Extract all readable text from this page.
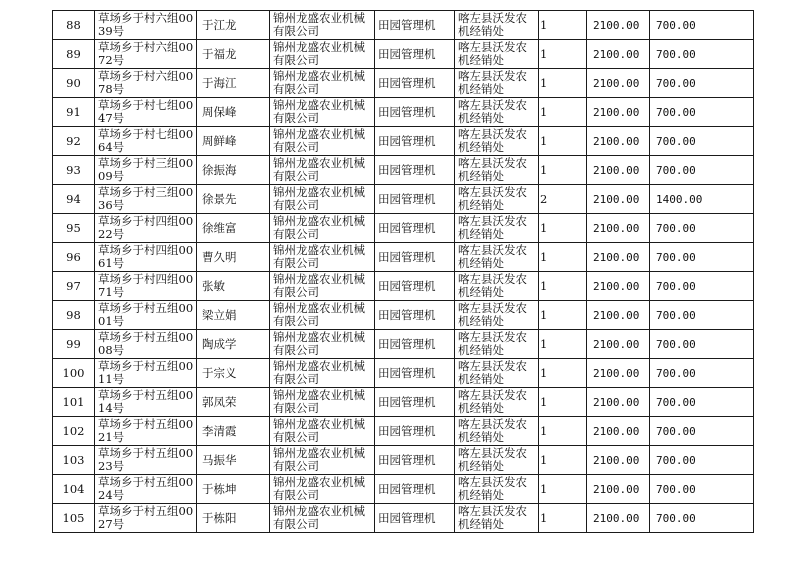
88	草场乡于村六组0039号	于江龙	锦州龙盛农业机械有限公司	田园管理机	喀左县沃发农机经销处	1	2100.00	700.00
89	草场乡于村六组0072号	于福龙	锦州龙盛农业机械有限公司	田园管理机	喀左县沃发农机经销处	1	2100.00	700.00
90	草场乡于村六组0078号	于海江	锦州龙盛农业机械有限公司	田园管理机	喀左县沃发农机经销处	1	2100.00	700.00
91	草场乡于村七组0047号	周保峰	锦州龙盛农业机械有限公司	田园管理机	喀左县沃发农机经销处	1	2100.00	700.00
92	草场乡于村七组0064号	周鲜峰	锦州龙盛农业机械有限公司	田园管理机	喀左县沃发农机经销处	1	2100.00	700.00
93	草场乡于村三组0009号	徐振海	锦州龙盛农业机械有限公司	田园管理机	喀左县沃发农机经销处	1	2100.00	700.00
94	草场乡于村三组0036号	徐景先	锦州龙盛农业机械有限公司	田园管理机	喀左县沃发农机经销处	2	2100.00	1400.00
95	草场乡于村四组0022号	徐维富	锦州龙盛农业机械有限公司	田园管理机	喀左县沃发农机经销处	1	2100.00	700.00
96	草场乡于村四组0061号	曹久明	锦州龙盛农业机械有限公司	田园管理机	喀左县沃发农机经销处	1	2100.00	700.00
97	草场乡于村四组0071号	张敏	锦州龙盛农业机械有限公司	田园管理机	喀左县沃发农机经销处	1	2100.00	700.00
98	草场乡于村五组0001号	梁立娟	锦州龙盛农业机械有限公司	田园管理机	喀左县沃发农机经销处	1	2100.00	700.00
99	草场乡于村五组0008号	陶成学	锦州龙盛农业机械有限公司	田园管理机	喀左县沃发农机经销处	1	2100.00	700.00
100	草场乡于村五组0011号	于宗义	锦州龙盛农业机械有限公司	田园管理机	喀左县沃发农机经销处	1	2100.00	700.00
101	草场乡于村五组0014号	郭凤荣	锦州龙盛农业机械有限公司	田园管理机	喀左县沃发农机经销处	1	2100.00	700.00
102	草场乡于村五组0021号	李清霞	锦州龙盛农业机械有限公司	田园管理机	喀左县沃发农机经销处	1	2100.00	700.00
103	草场乡于村五组0023号	马振华	锦州龙盛农业机械有限公司	田园管理机	喀左县沃发农机经销处	1	2100.00	700.00
104	草场乡于村五组0024号	于栋坤	锦州龙盛农业机械有限公司	田园管理机	喀左县沃发农机经销处	1	2100.00	700.00
105	草场乡于村五组0027号	于栋阳	锦州龙盛农业机械有限公司	田园管理机	喀左县沃发农机经销处	1	2100.00	700.00
